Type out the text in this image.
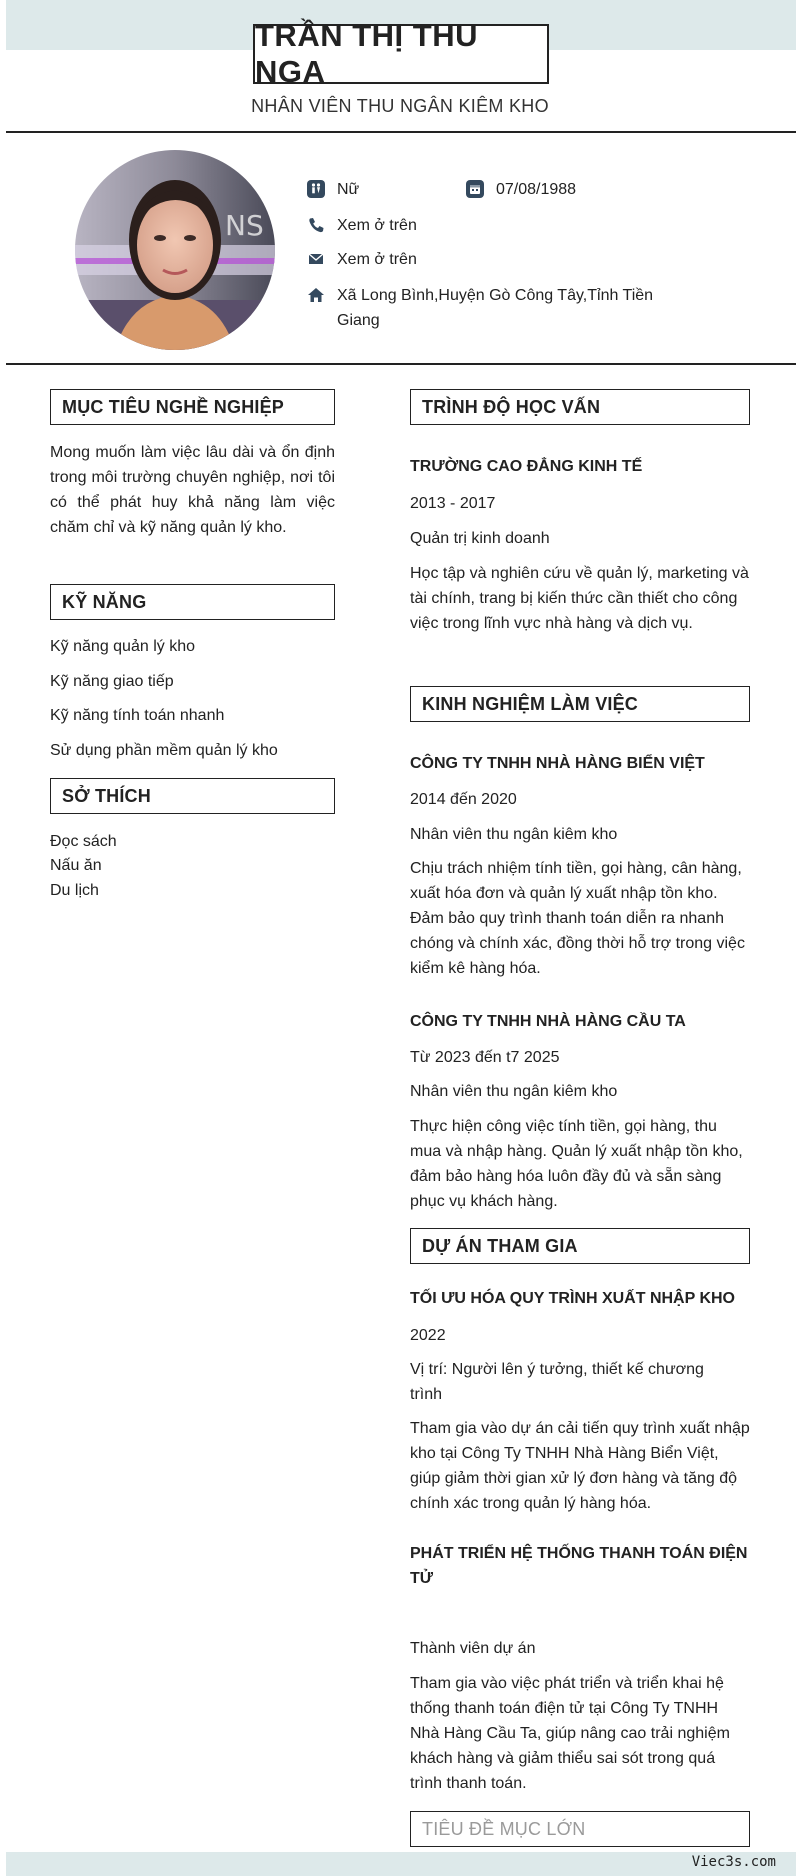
TRẦN THỊ THU NGA
NHÂN VIÊN THU NGÂN KIÊM KHO
NS
Nữ	07/08/1988
Xem ở trên
Xem ở trên
Xã Long Bình,Huyện Gò Công Tây,Tỉnh Tiền Giang
MỤC TIÊU NGHỀ NGHIỆP
Mong muốn làm việc lâu dài và ổn định trong môi trường chuyên nghiệp, nơi tôi có thể phát huy khả năng làm việc chăm chỉ và kỹ năng quản lý kho.
KỸ NĂNG
Kỹ năng quản lý kho
Kỹ năng giao tiếp
Kỹ năng tính toán nhanh
Sử dụng phần mềm quản lý kho
SỞ THÍCH
Đọc sách
Nấu ăn
Du lịch
TRÌNH ĐỘ HỌC VẤN
TRƯỜNG CAO ĐẲNG KINH TẾ
2013 - 2017
Quản trị kinh doanh
Học tập và nghiên cứu về quản lý, marketing và tài chính, trang bị kiến thức cần thiết cho công việc trong lĩnh vực nhà hàng và dịch vụ.
KINH NGHIỆM LÀM VIỆC
CÔNG TY TNHH NHÀ HÀNG BIỂN VIỆT
2014 đến 2020
Nhân viên thu ngân kiêm kho
Chịu trách nhiệm tính tiền, gọi hàng, cân hàng, xuất hóa đơn và quản lý xuất nhập tồn kho. Đảm bảo quy trình thanh toán diễn ra nhanh chóng và chính xác, đồng thời hỗ trợ trong việc kiểm kê hàng hóa.
CÔNG TY TNHH NHÀ HÀNG CẦU TA
Từ 2023 đến t7 2025
Nhân viên thu ngân kiêm kho
Thực hiện công việc tính tiền, gọi hàng, thu mua và nhập hàng. Quản lý xuất nhập tồn kho, đảm bảo hàng hóa luôn đầy đủ và sẵn sàng phục vụ khách hàng.
DỰ ÁN THAM GIA
TỐI ƯU HÓA QUY TRÌNH XUẤT NHẬP KHO
2022
Vị trí: Người lên ý tưởng, thiết kế chương trình
Tham gia vào dự án cải tiến quy trình xuất nhập kho tại Công Ty TNHH Nhà Hàng Biển Việt, giúp giảm thời gian xử lý đơn hàng và tăng độ chính xác trong quản lý hàng hóa.
PHÁT TRIỂN HỆ THỐNG THANH TOÁN ĐIỆN TỬ
Thành viên dự án
Tham gia vào việc phát triển và triển khai hệ thống thanh toán điện tử tại Công Ty TNHH Nhà Hàng Cầu Ta, giúp nâng cao trải nghiệm khách hàng và giảm thiểu sai sót trong quá trình thanh toán.
TIÊU ĐỀ MỤC LỚN
Viec3s.com
